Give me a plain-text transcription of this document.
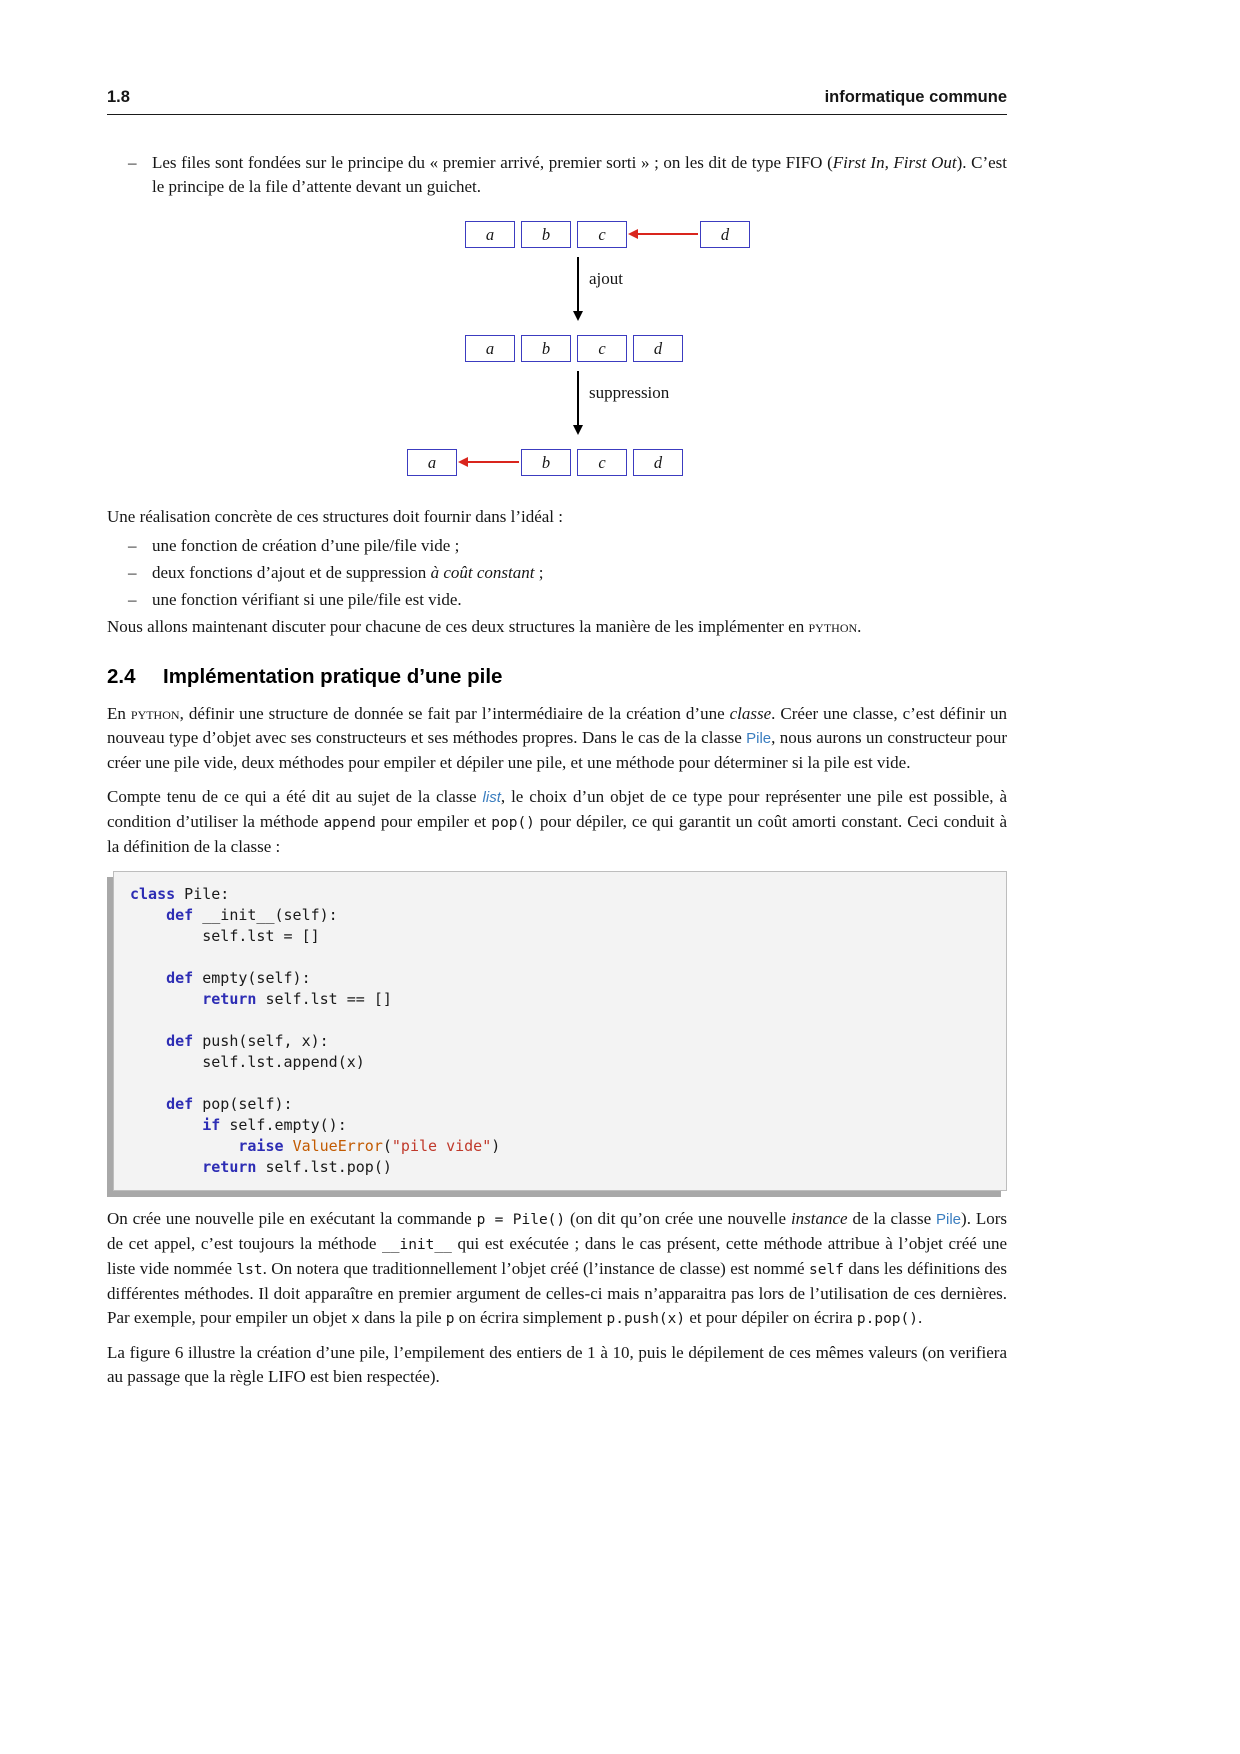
1.8	informatique commune
– Les files sont fondées sur le principe du « premier arrivé, premier sorti » ; on les dit de type FIFO (First In, First Out). C’est le principe de la file d’attente devant un guichet.
a	b	c	d
ajout
a	b	c	d
suppression
a	b	c	d
Une réalisation concrète de ces structures doit fournir dans l’idéal :
– une fonction de création d’une pile/file vide ;
– deux fonctions d’ajout et de suppression à coût constant ;
– une fonction vérifiant si une pile/file est vide.
Nous allons maintenant discuter pour chacune de ces deux structures la manière de les implémenter en python.
2.4	Implémentation pratique d’une pile
En python, définir une structure de donnée se fait par l’intermédiaire de la création d’une classe. Créer une classe, c’est définir un nouveau type d’objet avec ses constructeurs et ses méthodes propres. Dans le cas de la classe Pile, nous aurons un constructeur pour créer une pile vide, deux méthodes pour empiler et dépiler une pile, et une méthode pour déterminer si la pile est vide.
Compte tenu de ce qui a été dit au sujet de la classe list, le choix d’un objet de ce type pour représenter une pile est possible, à condition d’utiliser la méthode append pour empiler et pop() pour dépiler, ce qui garantit un coût amorti constant. Ceci conduit à la définition de la classe :
class Pile:
def __init__(self):
self.lst = []

def empty(self):
return self.lst == []

def push(self, x):
self.lst.append(x)

def pop(self):
if self.empty():
raise ValueError("pile vide")
return self.lst.pop()
On crée une nouvelle pile en exécutant la commande p = Pile() (on dit qu’on crée une nouvelle instance de la classe Pile). Lors de cet appel, c’est toujours la méthode __init__ qui est exécutée ; dans le cas présent, cette méthode attribue à l’objet créé une liste vide nommée lst. On notera que traditionnellement l’objet créé (l’instance de classe) est nommé self dans les définitions des différentes méthodes. Il doit apparaître en premier argument de celles-ci mais n’apparaitra pas lors de l’utilisation de ces dernières. Par exemple, pour empiler un objet x dans la pile p on écrira simplement p.push(x) et pour dépiler on écrira p.pop().
La figure 6 illustre la création d’une pile, l’empilement des entiers de 1 à 10, puis le dépilement de ces mêmes valeurs (on verifiera au passage que la règle LIFO est bien respectée).
